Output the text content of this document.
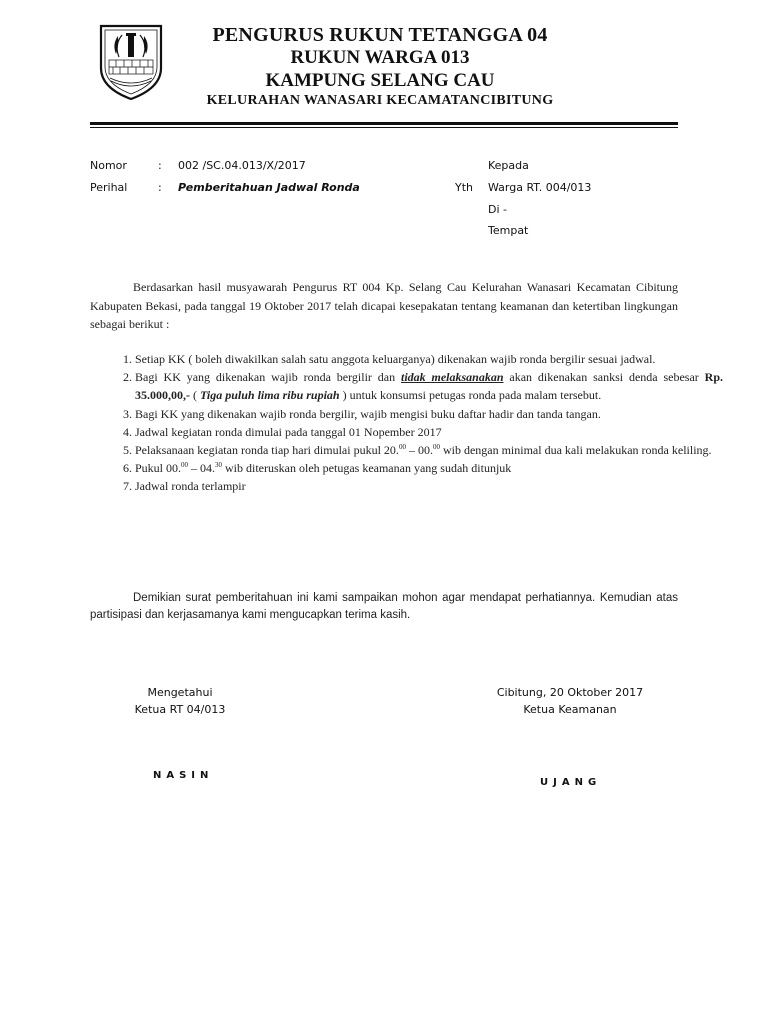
PENGURUS RUKUN TETANGGA 04
RUKUN WARGA 013
KAMPUNG SELANG CAU
KELURAHAN WANASARI KECAMATANCIBITUNG
Nomor	: 002 /SC.04.013/X/2017
Perihal	: Pemberitahuan Jadwal Ronda
Kepada
Yth Warga RT. 004/013
Di -
Tempat
Berdasarkan hasil musyawarah Pengurus RT 004 Kp. Selang Cau Kelurahan Wanasari Kecamatan Cibitung Kabupaten Bekasi, pada tanggal 19 Oktober 2017 telah dicapai kesepakatan tentang keamanan dan ketertiban lingkungan sebagai berikut :
1. Setiap KK ( boleh diwakilkan salah satu anggota keluarganya) dikenakan wajib ronda bergilir sesuai jadwal.
2. Bagi KK yang dikenakan wajib ronda bergilir dan tidak melaksanakan akan dikenakan sanksi denda sebesar Rp. 35.000,00,- ( Tiga puluh lima ribu rupiah ) untuk konsumsi petugas ronda pada malam tersebut.
3. Bagi KK yang dikenakan wajib ronda bergilir, wajib mengisi buku daftar hadir dan tanda tangan.
4. Jadwal kegiatan ronda dimulai pada tanggal 01 Nopember 2017
5. Pelaksanaan kegiatan ronda tiap hari dimulai pukul 20.00 – 00.00 wib dengan minimal dua kali melakukan ronda keliling.
6. Pukul 00.00 – 04.30 wib diteruskan oleh petugas keamanan yang sudah ditunjuk
7. Jadwal ronda terlampir
Demikian surat pemberitahuan ini kami sampaikan mohon agar mendapat perhatiannya. Kemudian atas partisipasi dan kerjasamanya kami mengucapkan terima kasih.
Mengetahui
Ketua RT 04/013
NASIN
Cibitung, 20 Oktober 2017
Ketua Keamanan
UJANG
